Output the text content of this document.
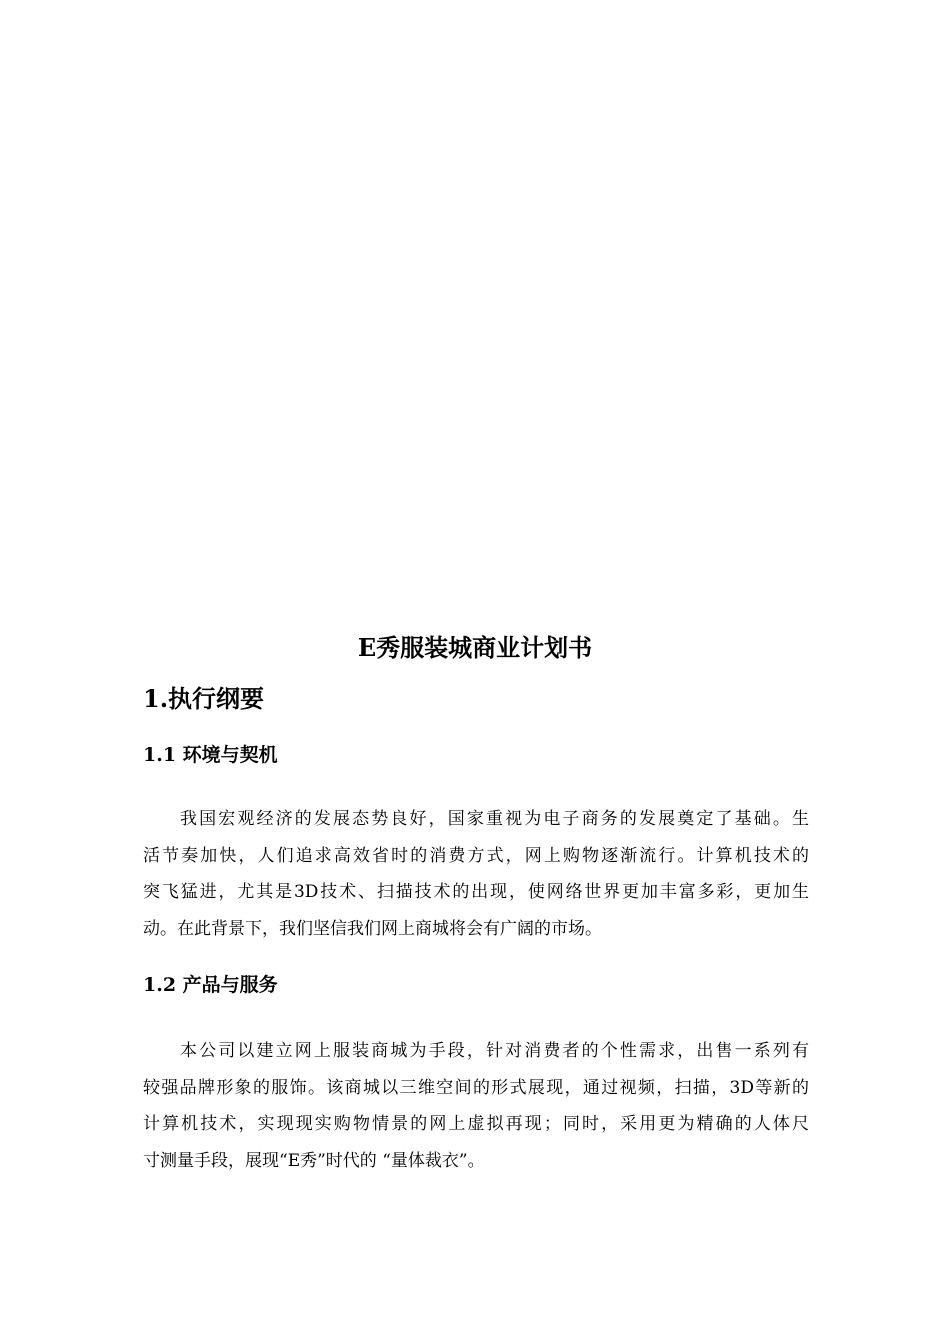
E秀服装城商业计划书
1.执行纲要
1.1 环境与契机

我国宏观经济的发展态势良好，国家重视为电子商务的发展奠定了基础。生
活节奏加快，人们追求高效省时的消费方式，网上购物逐渐流行。计算机技术的
突飞猛进，尤其是3D技术、扫描技术的出现，使网络世界更加丰富多彩，更加生
动。在此背景下，我们坚信我们网上商城将会有广阔的市场。

1.2 产品与服务

本公司以建立网上服装商城为手段，针对消费者的个性需求，出售一系列有
较强品牌形象的服饰。该商城以三维空间的形式展现，通过视频，扫描，3D等新的
计算机技术，实现现实购物情景的网上虚拟再现；同时，采用更为精确的人体尺
寸测量手段，展现“E秀”时代的 “量体裁衣”。
